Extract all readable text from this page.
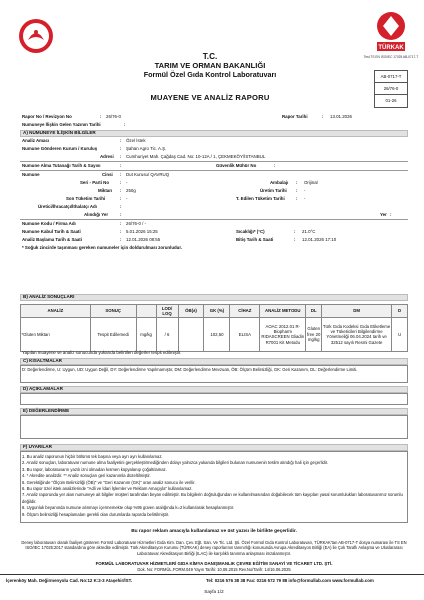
TÜRKAK
Test TS EN ISO/IEC 17025 AB-0717-T
AB-0717-T
26/76-0
01-26
T.C.
TARIM VE ORMAN BAKANLIĞI
Formül Özel Gıda Kontrol Laboratuvarı
MUAYENE VE ANALİZ RAPORU
Rapor No / Revizyon No	: 26/76-0	Rapor Tarihi	: 13.01.2026
Numuneye İlişkin Gelen Yazının Tarihi	:
A) NUMUNEYE İLİŞKİN BİLGİLER
Analiz Amacı	: Özel İstek
Numune Gönderen Kurum / Kuruluş	: Şahan Agro Tic. A.Ş.
Adresi : Cumhuriyet Mah. Çağdaş Cad. No: 10-12A / 1, ÇEKMEKÖY/İSTANBUL
Numune Alma Tutanağı Tarih & Sayısı	:	Güvenlik Mühür No	:
Numune	Cinsi : Dut Kurusu/ QAVRUQ
Seri - Parti No : -	Ambalajı : Orijinal
Miktarı : 250g	Üretim Tarihi : -
Son Tüketim Tarihi	: -	T. Edilen Tüketim Tarihi	: -
Üretici/İhracatçı/İthalatçı Adı	:
Alındığı Yer	:	Yer :
Numune Kodu / Firma Adı	: 26/76-0 / -
Numune Kabul Tarih & Saati	: 5.01.2026 15:25	Sıcaklığı* (°C)	: 21.0°C
Analiz Başlama Tarih & Saati	: 12.01.2026 08:55	Bitiş Tarih & Saati	: 12.01.2026 17:10
* Soğuk zincirde taşınması gereken numuneler için doldurulması zorunludur.
B) ANALİZ SONUÇLARI
ANALİZ	SONUÇ		LOD/ LOQ	ÖB(±)	GK (%)	CİHAZ	ANALİZ METODU	DL	DM	D
*Gluten Miktarı	Tespit Edilemedi	mg/kg	/ 6		102,50	ELISA	AOAC 2012.01 R-Biopharm RIDASCREEN Gliadin R7001 Kit Metodu	Gluten free 20 mg/kg	Türk Gıda Kodeksi Gıda Etiketleme ve Tüketicileri Bilgilendirme Yönetmeliği 06.04.2024 tarih ve 32512 sayılı Resmi Gazete	U
Yapılan muayene ve analiz sonucunda yukarıda belirtilen değerler tespit edilmiştir.
C) KISALTMALAR
D: Değerlendirme, U: Uygun, UD: Uygun Değil, DY: Değerlendirme Yapılmamıştır, DM: Değerlendirme Mevzuatı, ÖB: Ölçüm Belirsizliği, GK: Geri Kazanım, DL: Değerlendirme Limiti.
D) AÇIKLAMALAR
E) DEĞERLENDİRME
F) UYARILAR
1. Bu analiz raporunun hiçbir bölümü tek başına veya ayrı ayrı kullanılamaz.
2. Analiz sonuçları, laboratuvar numune alma faaliyetini gerçekleştirmediğinden dolayı yalnızca yukarıda bilgileri bulunan numunenin teslim alındığı hali için geçerlidir.
3. Bu rapor, laboratuvarın yazılı izni olmadan kısmen kopyalanıp çoğaltılamaz.
4. * Akredite analizdir. ** Analiz sonuçları geri kazanımla düzeltilmiştir.
5. Gerektiğinde "Ölçüm Belirsizliği (ÖB)" ve "Geri Kazanım (GK)" oran analiz sonucu ile verilir.
6. Bu rapor özel istek analizlerinde "Adli ve İdari İşlemler ve Reklam Amaçıyla" kullanılamaz.
7. Analiz raporunda yer alan numuneye ait bilgiler müşteri tarafından beyan edilmiştir. Bu bilgilerin doğruluğundan ve kullanılmasından doğabilecek tüm kayıpları yasal sorumlulukları laboratuvarımız sorumlu değildir.
8. Uygunluk beyanında numune alınmayı içermemekte olup %95 güven aralığında k=2 kullanılarak hesaplanmıştır.
9. Ölçüm belirsizliği hesaplamaları gerekli olan durumlarda raporda belirtilmiştir.
Bu rapor reklam amacıyla kullanılamaz ve üst yazısı ile birlikte geçerlidir.
Deney laboratuvarı olarak faaliyet gösteren Formül Laboratuvar Hizmetleri Gıda Kim. Dan. Çev. Eğt. San. Ve Tic. Ltd. Şti. Özel Formül Gıda Kontrol Laboratuvarı, TÜRKAK'tan AB-0717-T dosya numarası ile TS EN ISO/IEC 17025:2017 standardına göre akredite edilmiştir. Türk Akreditasyon Kurumu (TÜRKAK) deney raporlarının tanınırlığı konusunda Avrupa Akreditasyon Birliği (EA) ile Çok Taraflı Anlaşma ve Uluslararası Laboratuvar Akreditasyon Birliği (ILAC) ile karşılıklı tanınma anlaşması imzalanmıştır.
FORMÜL LABORATUVAR HİZMETLERİ GIDA KİMYA DANIŞMANLIK ÇEVRE EĞİTİM SANAYİ VE TİCARET LTD. ŞTİ.
Dok. No: FORMÜL.FORM.049 Yayın Tarihi: 10.08.2015 Rev.No/Tarih: 14/16.06.2025
İçerenköy Mah. Değirmenyolu Cad. No:12 K:2-3 Ataşehir/İST.	Tel: 0216 576 38 38 Fax: 0216 572 79 88 info@formullab.com www.formullab.com
Sayfa 1/2
